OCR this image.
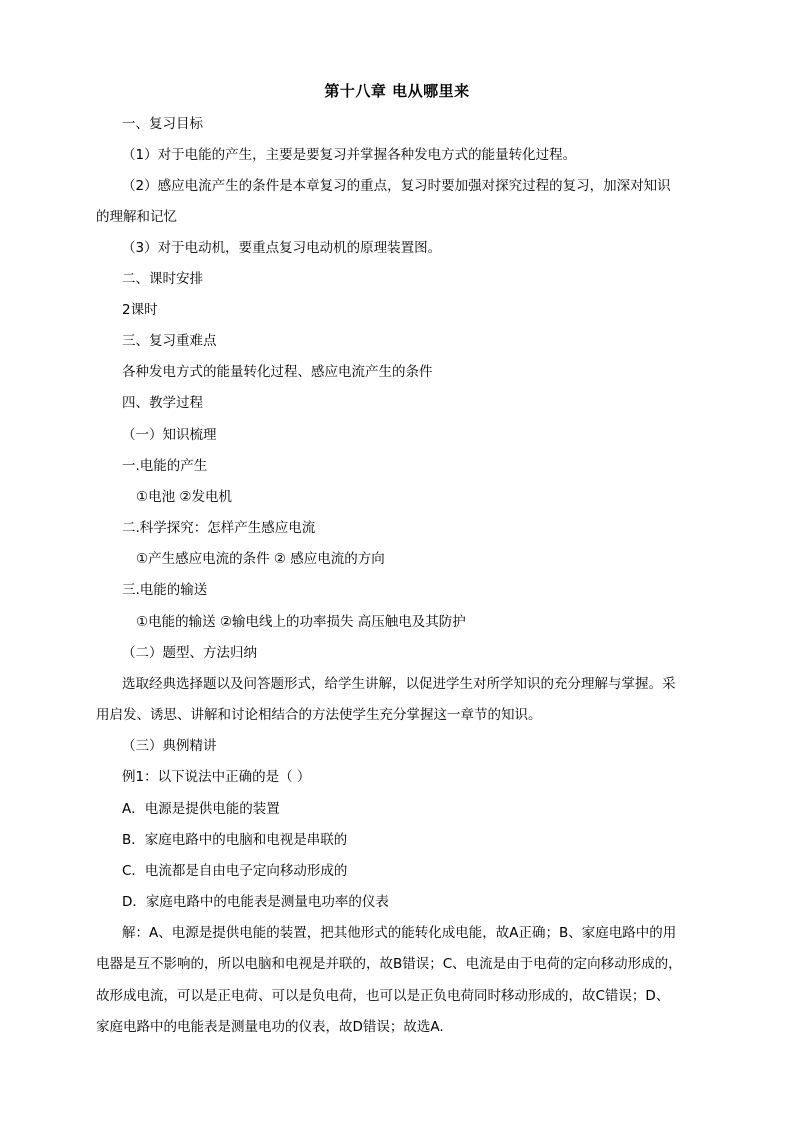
第十八章 电从哪里来
一、复习目标
（1）对于电能的产生，主要是要复习并掌握各种发电方式的能量转化过程。
（2）感应电流产生的条件是本章复习的重点，复习时要加强对探究过程的复习，加深对知识
的理解和记忆
（3）对于电动机，要重点复习电动机的原理装置图。
二、课时安排
2课时
三、复习重难点
各种发电方式的能量转化过程、感应电流产生的条件
四、教学过程
（一）知识梳理
一.电能的产生
①电池 ②发电机
二.科学探究：怎样产生感应电流
①产生感应电流的条件 ② 感应电流的方向
三.电能的输送
①电能的输送 ②输电线上的功率损失 高压触电及其防护
（二）题型、方法归纳
选取经典选择题以及问答题形式，给学生讲解，以促进学生对所学知识的充分理解与掌握。采
用启发、诱思、讲解和讨论相结合的方法使学生充分掌握这一章节的知识。
（三）典例精讲
例1：以下说法中正确的是（ ）
A．电源是提供电能的装置
B．家庭电路中的电脑和电视是串联的
C．电流都是自由电子定向移动形成的
D．家庭电路中的电能表是测量电功率的仪表
解：A、电源是提供电能的装置，把其他形式的能转化成电能，故A正确；B、家庭电路中的用
电器是互不影响的，所以电脑和电视是并联的，故B错误；C、电流是由于电荷的定向移动形成的，
故形成电流，可以是正电荷、可以是负电荷，也可以是正负电荷同时移动形成的，故C错误；D、
家庭电路中的电能表是测量电功的仪表，故D错误；故选A.
